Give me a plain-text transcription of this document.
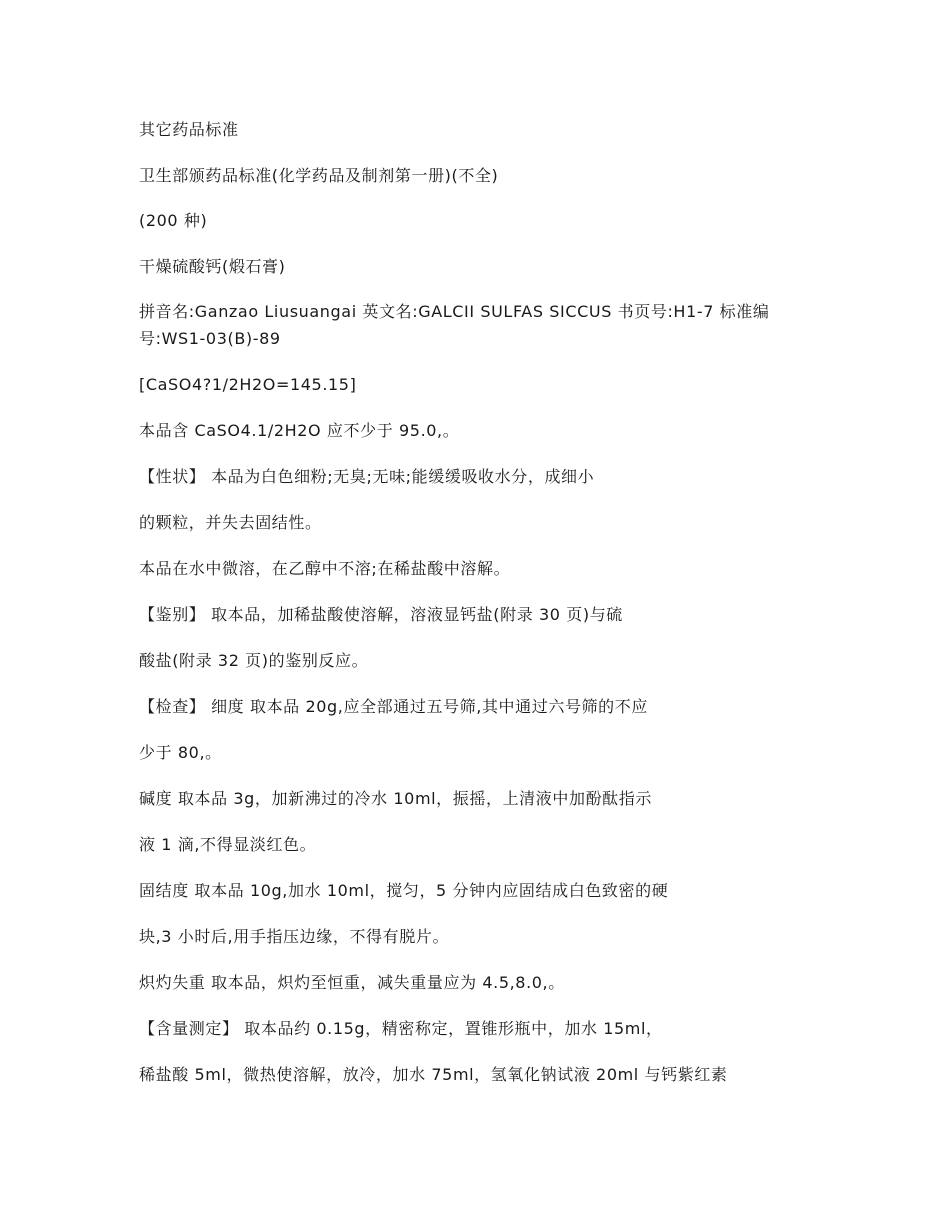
其它药品标准
卫生部颁药品标准(化学药品及制剂第一册)(不全)
(200 种)
干燥硫酸钙(煅石膏)
拼音名:Ganzao Liusuangai 英文名:GALCII SULFAS SICCUS 书页号:H1-7 标准编号:WS1-03(B)-89
[CaSO4?1/2H2O=145.15]
本品含 CaSO4.1/2H2O 应不少于 95.0,。
【性状】 本品为白色细粉;无臭;无味;能缓缓吸收水分，成细小
的颗粒，并失去固结性。
本品在水中微溶，在乙醇中不溶;在稀盐酸中溶解。
【鉴别】 取本品，加稀盐酸使溶解，溶液显钙盐(附录 30 页)与硫
酸盐(附录 32 页)的鉴别反应。
【检查】 细度 取本品 20g,应全部通过五号筛,其中通过六号筛的不应
少于 80,。
碱度 取本品 3g，加新沸过的冷水 10ml，振摇，上清液中加酚酞指示
液 1 滴,不得显淡红色。
固结度 取本品 10g,加水 10ml，搅匀，5 分钟内应固结成白色致密的硬
块,3 小时后,用手指压边缘，不得有脱片。
炽灼失重 取本品，炽灼至恒重，减失重量应为 4.5,8.0,。
【含量测定】 取本品约 0.15g，精密称定，置锥形瓶中，加水 15ml，
稀盐酸 5ml，微热使溶解，放冷，加水 75ml，氢氧化钠试液 20ml 与钙紫红素
